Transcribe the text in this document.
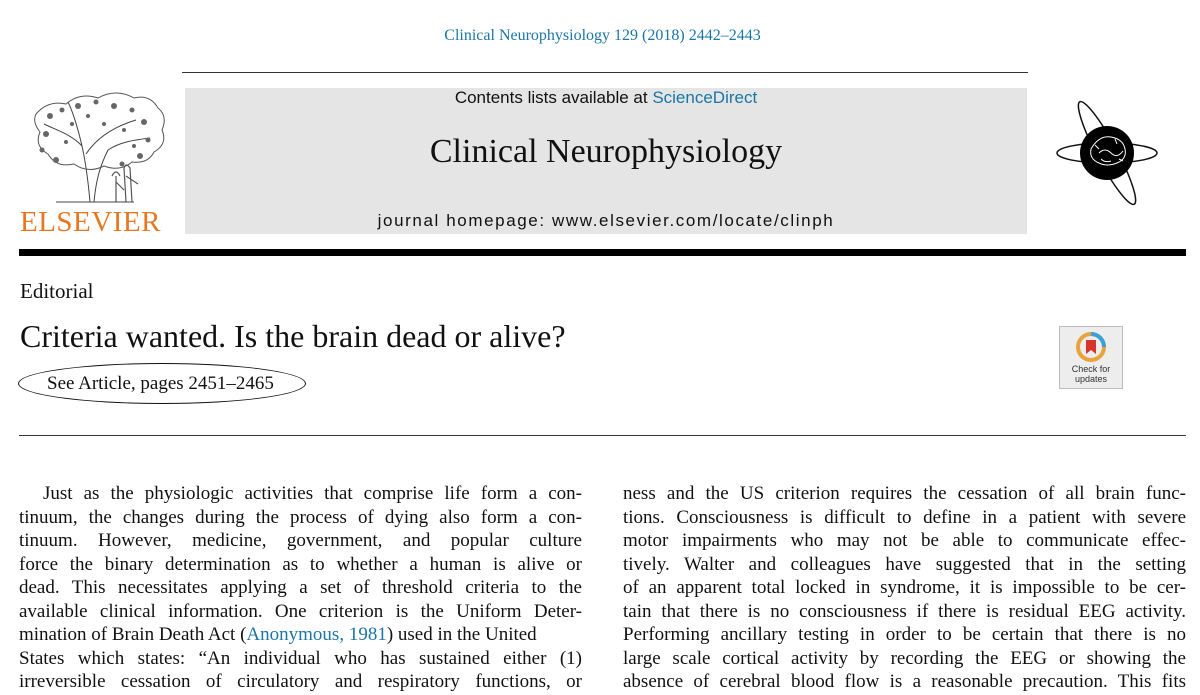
Clinical Neurophysiology 129 (2018) 2442–2443
ELSEVIER
Contents lists available at ScienceDirect
Clinical Neurophysiology
journal homepage: www.elsevier.com/locate/clinph
Editorial
Criteria wanted. Is the brain dead or alive?
See Article, pages 2451–2465
Check for
updates
Just as the physiologic activities that comprise life form a con-
tinuum, the changes during the process of dying also form a con-
tinuum. However, medicine, government, and popular culture
force the binary determination as to whether a human is alive or
dead. This necessitates applying a set of threshold criteria to the
available clinical information. One criterion is the Uniform Deter-
mination of Brain Death Act (Anonymous, 1981) used in the United
States which states: “An individual who has sustained either (1)
irreversible cessation of circulatory and respiratory functions, or
ness and the US criterion requires the cessation of all brain func-
tions. Consciousness is difficult to define in a patient with severe
motor impairments who may not be able to communicate effec-
tively. Walter and colleagues have suggested that in the setting
of an apparent total locked in syndrome, it is impossible to be cer-
tain that there is no consciousness if there is residual EEG activity.
Performing ancillary testing in order to be certain that there is no
large scale cortical activity by recording the EEG or showing the
absence of cerebral blood flow is a reasonable precaution. This fits
